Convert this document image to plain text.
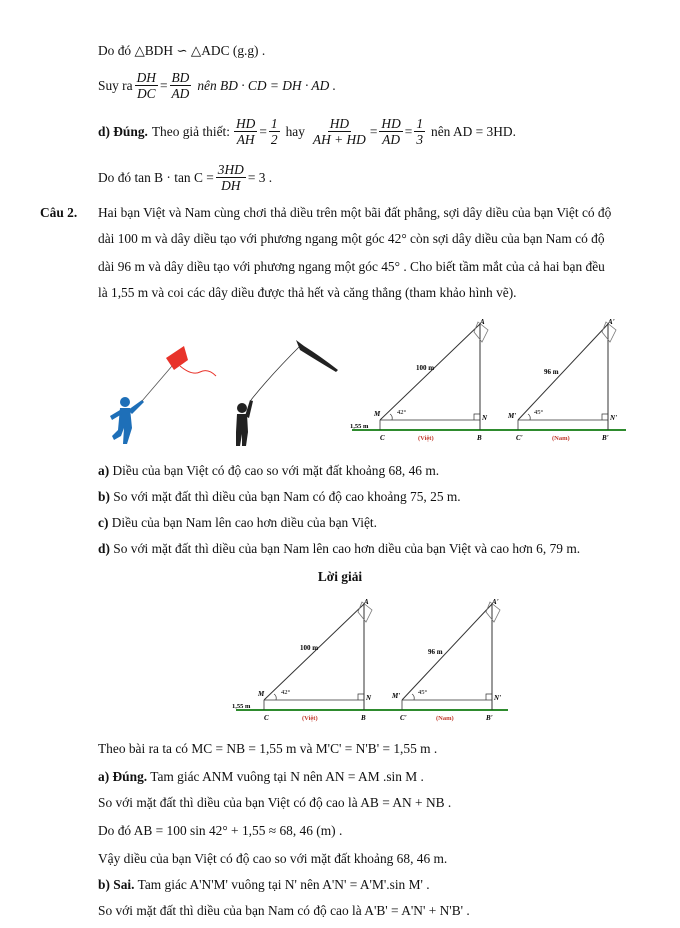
Do đó △BDH ∽ △ADC (g.g) .
Suy ra $\frac{DH}{DC} = \frac{BD}{AD}$ nên BD · CD = DH · AD .
d) Đúng. Theo giả thiết: $\frac{HD}{AH} = \frac{1}{2}$ hay $\frac{HD}{AH + HD} = \frac{HD}{AD} = \frac{1}{3}$ nên AD = 3HD.
Do đó $\tan B \cdot \tan C = \frac{3HD}{DH} = 3$ .
Câu 2. Hai bạn Việt và Nam cùng chơi thả diều trên một bãi đất phẳng, sợi dây diều của bạn Việt có độ
dài 100 m và dây diều tạo với phương ngang một góc 42° còn sợi dây diều của bạn Nam có độ
dài 96 m và dây diều tạo với phương ngang một góc 45° . Cho biết tầm mắt của cả hai bạn đều
là 1,55 m và coi các dây diều được thả hết và căng thẳng (tham khảo hình vẽ).
A
100 m
M	42°
N
C	B
(Việt)
1,55 m
A'
96 m
M'	45°
N'
C'	B'
(Nam)
a) Diều của bạn Việt có độ cao so với mặt đất khoảng 68, 46 m.
b) So với mặt đất thì diều của bạn Nam có độ cao khoảng 75, 25 m.
c) Diều của bạn Nam lên cao hơn diều của bạn Việt.
d) So với mặt đất thì diều của bạn Nam lên cao hơn diều của bạn Việt và cao hơn 6, 79 m.
Lời giải
A
100 m
M	42°
N
C	B
(Việt)
1,55 m
A'
96 m
M'	45°
N'
C'	B'
(Nam)
Theo bài ra ta có MC = NB = 1,55 m và M'C' = N'B' = 1,55 m .
a) Đúng. Tam giác ANM vuông tại N nên AN = AM .sin M .
So với mặt đất thì diều của bạn Việt có độ cao là AB = AN + NB .
Do đó AB = 100 sin 42° + 1,55 ≈ 68, 46 (m) .
Vậy diều của bạn Việt có độ cao so với mặt đất khoảng 68, 46 m.
b) Sai. Tam giác A'N'M' vuông tại N' nên A'N' = A'M'.sin M' .
So với mặt đất thì diều của bạn Nam có độ cao là A'B' = A'N' + N'B' .
